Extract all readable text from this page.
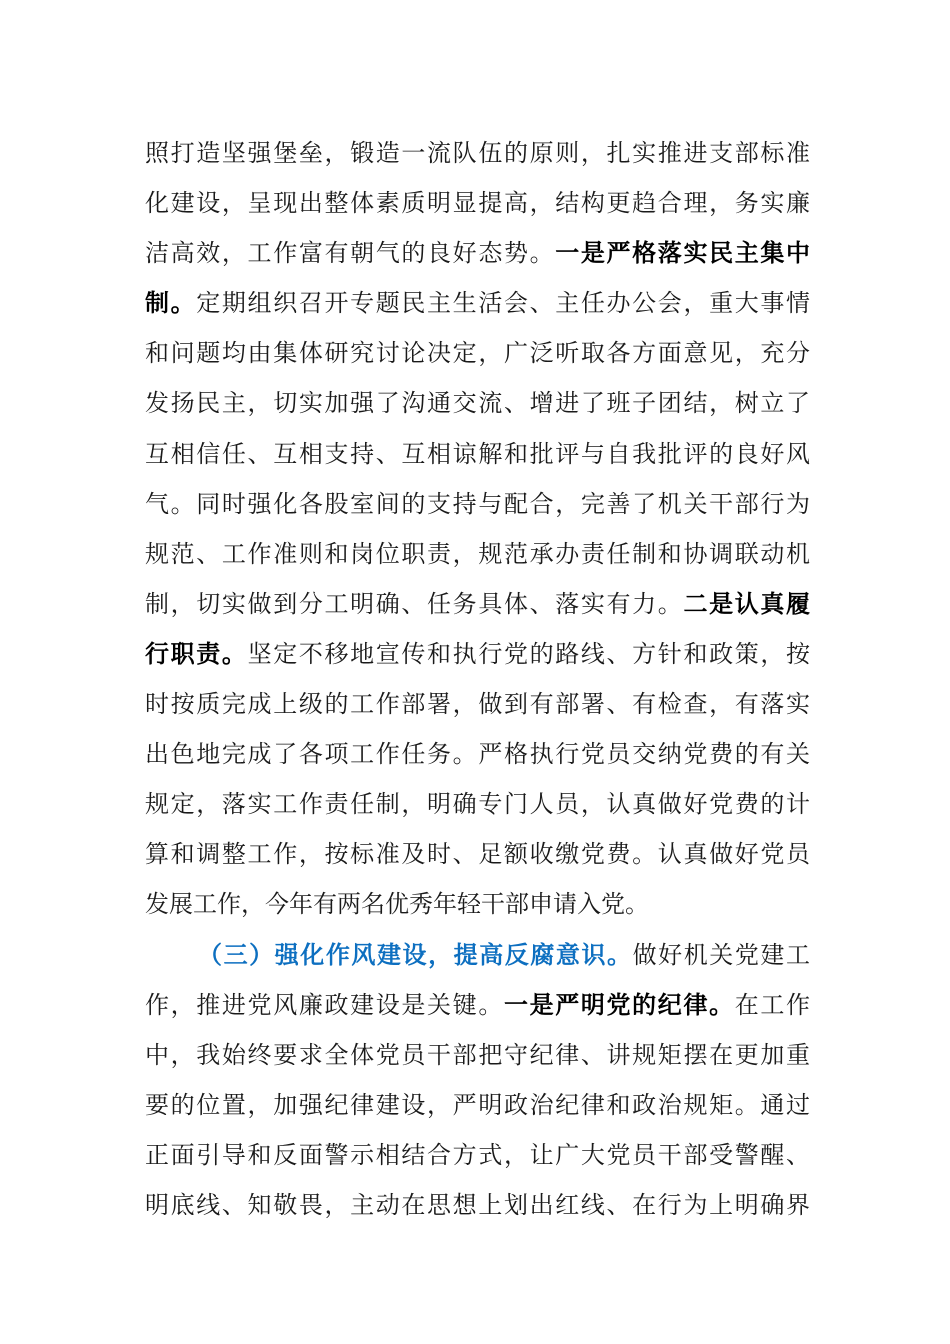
照打造坚强堡垒，锻造一流队伍的原则，扎实推进支部标准
化建设，呈现出整体素质明显提高，结构更趋合理，务实廉
洁高效，工作富有朝气的良好态势。一是严格落实民主集中
制。定期组织召开专题民主生活会、主任办公会，重大事情
和问题均由集体研究讨论决定，广泛听取各方面意见，充分
发扬民主，切实加强了沟通交流、增进了班子团结，树立了
互相信任、互相支持、互相谅解和批评与自我批评的良好风
气。同时强化各股室间的支持与配合，完善了机关干部行为
规范、工作准则和岗位职责，规范承办责任制和协调联动机
制，切实做到分工明确、任务具体、落实有力。二是认真履
行职责。坚定不移地宣传和执行党的路线、方针和政策，按
时按质完成上级的工作部署，做到有部署、有检查，有落实
出色地完成了各项工作任务。严格执行党员交纳党费的有关
规定，落实工作责任制，明确专门人员，认真做好党费的计
算和调整工作，按标准及时、足额收缴党费。认真做好党员
发展工作，今年有两名优秀年轻干部申请入党。
（三）强化作风建设，提高反腐意识。做好机关党建工
作，推进党风廉政建设是关键。一是严明党的纪律。在工作
中，我始终要求全体党员干部把守纪律、讲规矩摆在更加重
要的位置，加强纪律建设，严明政治纪律和政治规矩。通过
正面引导和反面警示相结合方式，让广大党员干部受警醒、
明底线、知敬畏，主动在思想上划出红线、在行为上明确界
